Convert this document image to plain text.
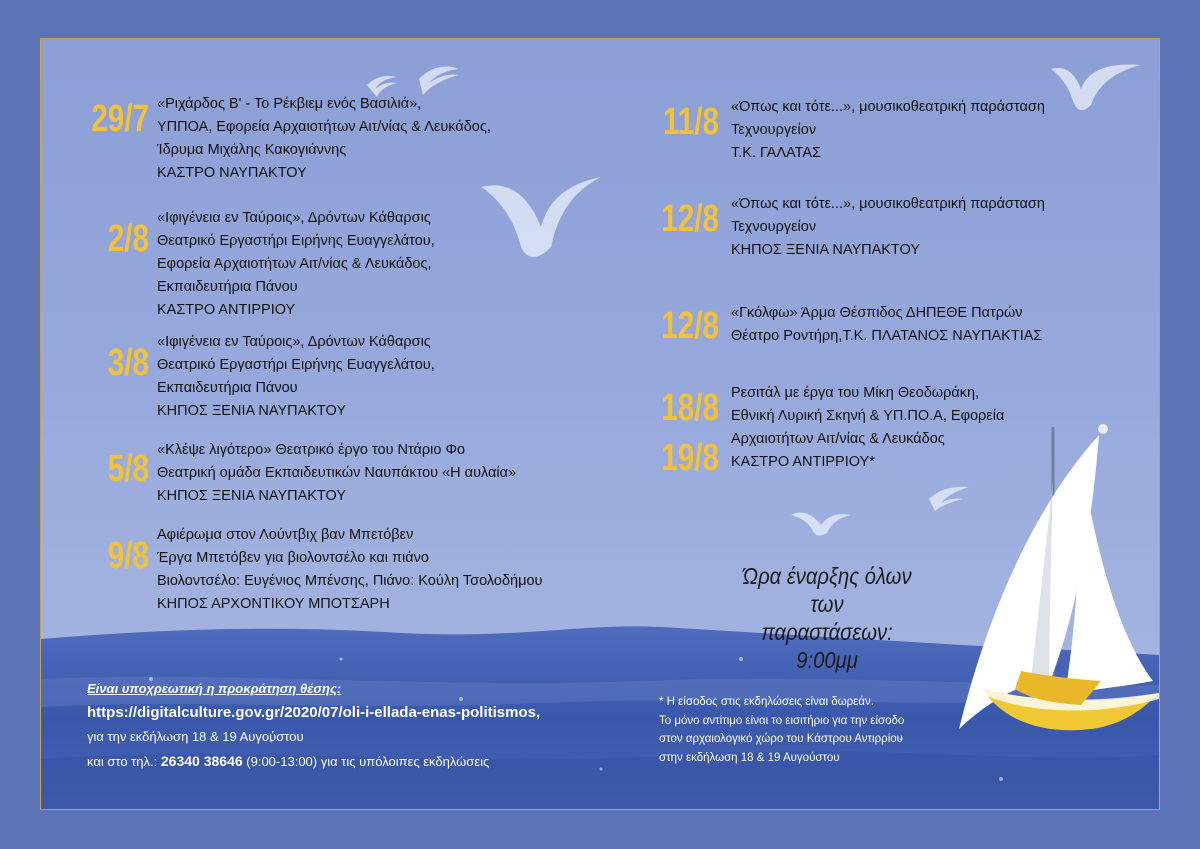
29/7 «Ριχάρδος Β' - Το Ρέκβιεμ ενός Βασιλιά»,
ΥΠΠΟΑ, Εφορεία Αρχαιοτήτων Αιτ/νίας & Λευκάδος,
Ίδρυμα Μιχάλης Κακογιάννης
ΚΑΣΤΡΟ ΝΑΥΠΑΚΤΟΥ
2/8 «Ιφιγένεια εν Ταύροις», Δρόντων Κάθαρσις
Θεατρικό Εργαστήρι Ειρήνης Ευαγγελάτου,
Εφορεία Αρχαιοτήτων Αιτ/νίας & Λευκάδος,
Εκπαιδευτήρια Πάνου
ΚΑΣΤΡΟ ΑΝΤΙΡΡΙΟΥ
3/8 «Ιφιγένεια εν Ταύροις», Δρόντων Κάθαρσις
Θεατρικό Εργαστήρι Ειρήνης Ευαγγελάτου,
Εκπαιδευτήρια Πάνου
ΚΗΠΟΣ ΞΕΝΙΑ ΝΑΥΠΑΚΤΟΥ
5/8 «Κλέψε λιγότερο» Θεατρικό έργο του Ντάριο Φο
Θεατρική ομάδα Εκπαιδευτικών Ναυπάκτου «Η αυλαία»
ΚΗΠΟΣ ΞΕΝΙΑ ΝΑΥΠΑΚΤΟΥ
9/8 Αφιέρωμα στον Λούντβιχ βαν Μπετόβεν
Έργα Μπετόβεν για βιολοντσέλο και πιάνο
Βιολοντσέλο: Ευγένιος Μπένσης, Πιάνο: Κούλη Τσολοδήμου
ΚΗΠΟΣ ΑΡΧΟΝΤΙΚΟΥ ΜΠΟΤΣΑΡΗ
11/8 «Όπως και τότε...», μουσικοθεατρική παράσταση
Τεχνουργείον
Τ.Κ. ΓΑΛΑΤΑΣ
12/8 «Όπως και τότε...», μουσικοθεατρική παράσταση
Τεχνουργείον
ΚΗΠΟΣ ΞΕΝΙΑ ΝΑΥΠΑΚΤΟΥ
12/8 «Γκόλφω» Άρμα Θέσπιδος ΔΗΠΕΘΕ Πατρών
Θέατρο Ροντήρη,Τ.Κ. ΠΛΑΤΑΝΟΣ ΝΑΥΠΑΚΤΙΑΣ
18/8
19/8
Ρεσιτάλ με έργα του Μίκη Θεοδωράκη,
Εθνική Λυρική Σκηνή & ΥΠ.ΠΟ.Α, Εφορεία
Αρχαιοτήτων Αιτ/νίας & Λευκάδος
ΚΑΣΤΡΟ ΑΝΤΙΡΡΙΟΥ*
Ώρα έναρξης όλων των
παραστάσεων: 9:00μμ
Είναι υποχρεωτική η προκράτηση θέσης:
https://digitalculture.gov.gr/2020/07/oli-i-ellada-enas-politismos,
για την εκδήλωση 18 & 19 Αυγούστου
και στο τηλ.: 26340 38646 (9:00-13:00) για τις υπόλοιπες εκδηλώσεις
* Η είσοδος στις εκδηλώσεις είναι δωρεάν.
Το μόνο αντίτιμο είναι το εισιτήριο για την είσοδο
στον αρχαιολογικό χώρο του Κάστρου Αντιρρίου
στην εκδήλωση 18 & 19 Αυγούστου
